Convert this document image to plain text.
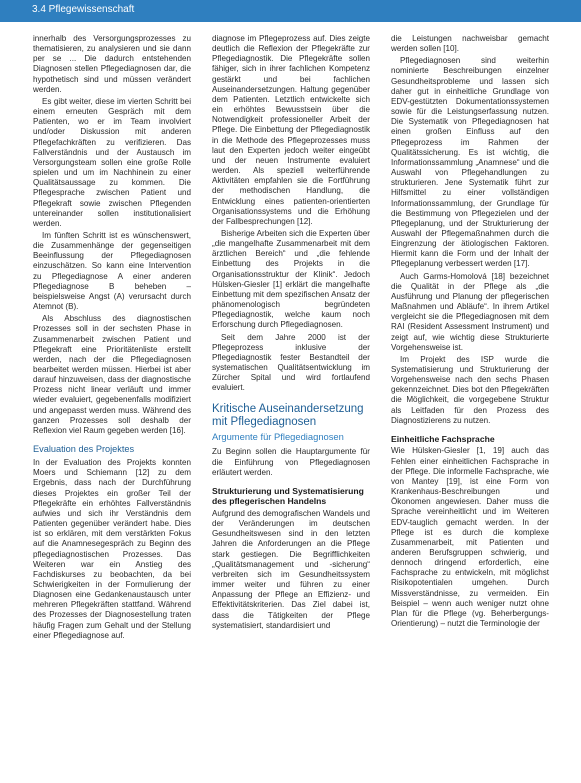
3.4 Pflegewissenschaft

innerhalb des Versorgungsprozesses zu thematisieren, zu analysieren und sie dann per se ... Die dadurch entstehenden Diagnosen stellen Pflegediagnosen dar, die hypothetisch sind und müssen verändert werden.

Es gibt weiter, diese im vierten Schritt bei einem erneuten Gespräch mit dem Patienten, wo er im Team involviert und/oder Diskussion mit anderen Pflegefachkräften zu verifizieren. Das Fallverständnis und der Austausch im Versorgungsteam sollen eine große Rolle spielen und um im Nachhinein zu einer Qualitätsaussage zu kommen. Die Pflegesprache zwischen Patient und Pflegekraft sowie zwischen Pflegenden untereinander sollen institutionalisiert werden.

Im fünften Schritt ist es wünschenswert, die Zusammenhänge der gegenseitigen Beeinflussung der Pflegediagnosen einzuschätzen. So kann eine Intervention zu Pflegediagnose A einer anderen Pflegediagnose B beheben – beispielsweise Angst (A) verursacht durch Atemnot (B).

Als Abschluss des diagnostischen Prozesses soll in der sechsten Phase in Zusammenarbeit zwischen Patient und Pflegekraft eine Prioritätenliste erstellt werden, nach der die Pflegediagnosen bearbeitet werden müssen. Hierbei ist aber darauf hinzuweisen, dass der diagnostische Prozess nicht linear verläuft und immer wieder evaluiert, gegebenenfalls modifiziert und angepasst werden muss. Während des ganzen Prozesses soll deshalb der Reflexion viel Raum gegeben werden [16].

Evaluation des Projektes

In der Evaluation des Projekts konnten Moers und Schiemann [12] zu dem Ergebnis, dass nach der Durchführung dieses Projektes ein großer Teil der Pflegekräfte ein erhöhtes Fallverständnis aufwies und sich ihr Verständnis dem Patienten gegenüber verändert habe. Dies ist so erklären, mit dem verstärkten Fokus auf die Anamnesegespräch zu Beginn des pflegediagnostischen Prozesses. Das Weiteren war ein Anstieg des Fachdiskurses zu beobachten, da bei Schwierigkeiten in der Formulierung der Diagnosen eine Gedankenaustausch unter mehreren Pflegekräften stattfand. Während des Prozesses der Diagnosestellung traten häufig Fragen zum Gehalt und der Stellung einer Pflegediagnose auf.

diagnose im Pflegeprozess auf. Dies zeigte deutlich die Reflexion der Pflegekräfte zur Pflegediagnostik. Die Pflegekräfte sollen fähiger, sich in ihrer fachlichen Kompetenz gestärkt und bei fachlichen Auseinandersetzungen. Haltung gegenüber dem Patienten. Letztlich entwickelte sich ein erhöhtes Bewusstsein über die Notwendigkeit professioneller Arbeit der Pflege. Die Einbettung der Pflegediagnostik in die Methode des Pflegeprozesses muss laut den Experten jedoch weiter eingeübt und der neuen Instrumente evaluiert werden. Als speziell weiterführende Aktivitäten empfahlen sie die Fortführung der methodischen Handlung, die Entwicklung eines patienten-orientierten Organisationssystems und die Erhöhung der Fallbesprechungen [12].

Bisherige Arbeiten sich die Experten über „die mangelhafte Zusammenarbeit mit dem ärztlichen Bereich“ und „die fehlende Einbettung des Projekts in die Organisationsstruktur der Klinik“. Jedoch Hülsken-Giesler [1] erklärt die mangelhafte Einbettung mit dem spezifischen Ansatz der phänomenologisch begründeten Pflegediagnostik, welche kaum noch Erforschung durch Pflegediagnosen.

Seit dem Jahre 2000 ist der Pflegeprozess inklusive der Pflegediagnostik fester Bestandteil der systematischen Qualitätsentwicklung im Zürcher Spital und wird fortlaufend evaluiert.

Kritische Auseinandersetzung mit Pflegediagnosen
Argumente für Pflegediagnosen

Zu Beginn sollen die Hauptargumente für die Einführung von Pflegediagnosen erläutert werden.

Strukturierung und Systematisierung des pflegerischen Handelns

Aufgrund des demografischen Wandels und der Veränderungen im deutschen Gesundheitswesen sind in den letzten Jahren die Anforderungen an die Pflege stark gestiegen. Die Begrifflichkeiten „Qualitätsmanagement und -sicherung“ verbreiten sich im Gesundheitssystem immer weiter und führen zu einer Anpassung der Pflege an Effizienz- und Effektivitätskriterien. Das Ziel dabei ist, dass die Tätigkeiten der Pflege systematisiert, standardisiert und

die Leistungen nachweisbar gemacht werden sollen [10].

Pflegediagnosen sind weiterhin nominierte Beschreibungen einzelner Gesundheitsprobleme und lassen sich daher gut in einheitliche Grundlage von EDV-gestützten Dokumentationssystemen sowie für die Leistungserfassung nutzen. Die Systematik von Pflegediagnosen hat einen großen Einfluss auf den Pflegeprozess im Rahmen der Qualitätssicherung. Es ist wichtig, die Informationssammlung „Anamnese“ und die Auswahl von Pflegehandlungen zu strukturieren. Jene Systematik führt zur Hilfsmittel zu einer vollständigen Informationssammlung, der Grundlage für die Bestimmung von Pflegezielen und der Pflegeplanung, und der Strukturierung der Auswahl der Pflegemaßnahmen durch die Eingrenzung der ätiologischen Faktoren. Hiermit kann die Form und der Inhalt der Pflegeplanung verbessert werden [17].

Auch Garms-Homolová [18] bezeichnet die Qualität in der Pflege als „die Ausführung und Planung der pflegerischen Maßnahmen und Abläufe“. In ihrem Artikel vergleicht sie die Pflegediagnosen mit dem RAI (Resident Assessment Instrument) und zeigt auf, wie wichtig diese Strukturierte Vorgehensweise ist.

Im Projekt des ISP wurde die Systematisierung und Strukturierung der Vorgehensweise nach den sechs Phasen gekennzeichnet. Dies bot den Pflegekräften die Möglichkeit, die vorgegebene Struktur als Leitfaden für den Prozess des Diagnostizierens zu nutzen.

Einheitliche Fachsprache

Wie Hülsken-Giesler [1, 19] auch das Fehlen einer einheitlichen Fachsprache in der Pflege. Die informelle Fachsprache, wie von Mantey [19], ist eine Form von Krankenhaus-Beschreibungen und Ökonomen angewiesen. Daher muss die Sprache vereinheitlicht und im Weiteren EDV-tauglich gemacht werden. In der Pflege ist es durch die komplexe Zusammenarbeit, mit Patienten und anderen Berufsgruppen schwierig, und dennoch dringend erforderlich, eine Fachsprache zu entwickeln, mit möglichst Risikopotentialen umgehen. Durch Missverständnisse, zu vermeiden. Ein Beispiel – wenn auch weniger nutzt ohne Plan für die Pflege (vg. Beherbergungs-Orientierung) – nutzt die Terminologie der
